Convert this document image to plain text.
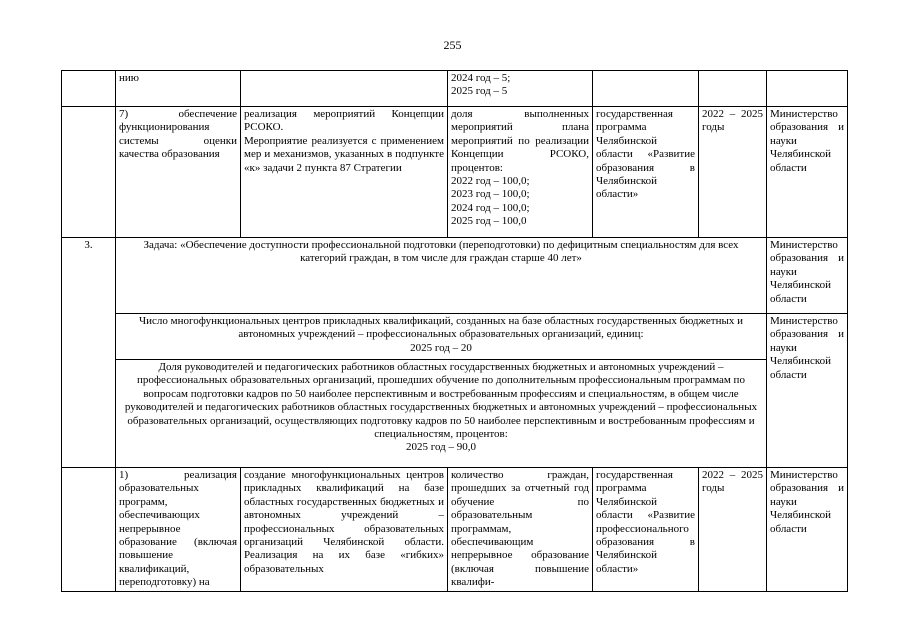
255
	нию		2024 год – 5;
2025 год – 5			
	7) обеспечение функционирования системы оценки качества образования	реализация мероприятий Концепции РСОКО.
Мероприятие реализуется с применением мер и механизмов, указанных в подпункте «к» задачи 2 пункта 87 Стратегии	доля выполненных мероприятий плана мероприятий по реализации Концепции РСОКО, процентов:
2022 год – 100,0;
2023 год – 100,0;
2024 год – 100,0;
2025 год – 100,0	государственная программа Челябинской области «Развитие образования в Челябинской области»	2022 – 2025 годы	Министерство образования и науки Челябинской области
3.	Задача: «Обеспечение доступности профессиональной подготовки (переподготовки) по дефицитным специальностям для всех категорий граждан, в том числе для граждан старше 40 лет»					Министерство образования и науки Челябинской области
	Число многофункциональных центров прикладных квалификаций, созданных на базе областных государственных бюджетных и автономных учреждений – профессиональных образовательных организаций, единиц:
2025 год – 20					Министерство образования и науки Челябинской области
	Доля руководителей и педагогических работников областных государственных бюджетных и автономных учреждений – профессиональных образовательных организаций, прошедших обучение по дополнительным профессиональным программам по вопросам подготовки кадров по 50 наиболее перспективным и востребованным профессиям и специальностям, в общем числе руководителей и педагогических работников областных государственных бюджетных и автономных учреждений – профессиональных образовательных организаций, осуществляющих подготовку кадров по 50 наиболее перспективным и востребованным профессиям и специальностям, процентов:
2025 год – 90,0					
	1) реализация образовательных программ, обеспечивающих непрерывное образование (включая повышение квалификаций, переподготовку) на	создание многофункциональных центров прикладных квалификаций на базе областных государственных бюджетных и автономных учреждений – профессиональных образовательных организаций Челябинской области. Реализация на их базе «гибких» образовательных	количество граждан, прошедших за отчетный год обучение по образовательным программам, обеспечивающим непрерывное образование (включая повышение квалифи-	государственная программа Челябинской области «Развитие профессионального образования в Челябинской области»	2022 – 2025 годы	Министерство образования и науки Челябинской области
